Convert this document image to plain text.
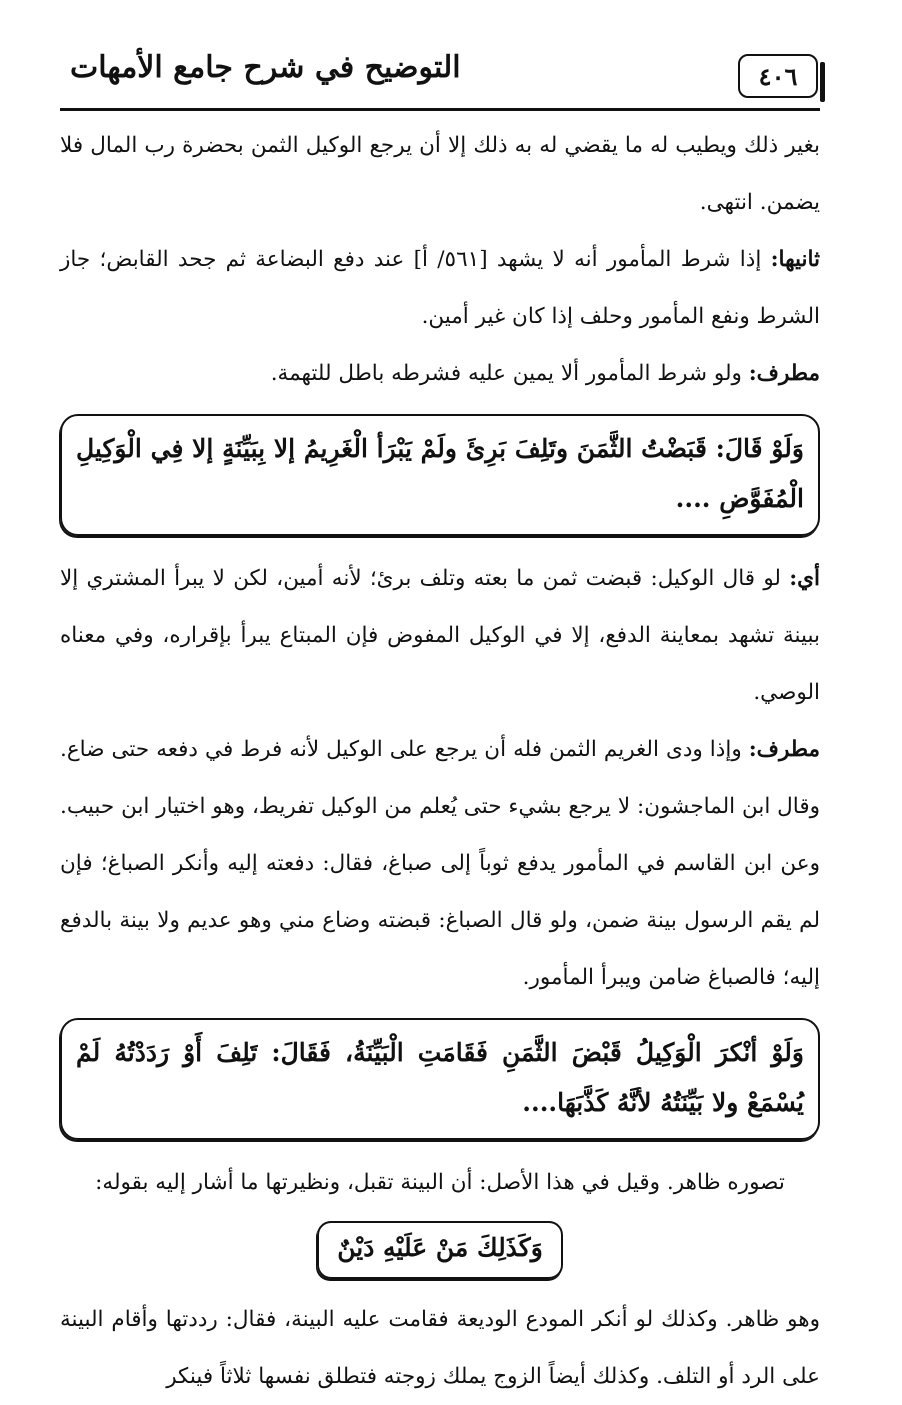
٤٠٦
التوضيح في شرح جامع الأمهات

بغير ذلك ويطيب له ما يقضي له به ذلك إلا أن يرجع الوكيل الثمن بحضرة رب المال فلا يضمن. انتهى.

ثانيها: إذا شرط المأمور أنه لا يشهد [٥٦١/ أ] عند دفع البضاعة ثم جحد القابض؛ جاز الشرط ونفع المأمور وحلف إذا كان غير أمين.

مطرف: ولو شرط المأمور ألا يمين عليه فشرطه باطل للتهمة.

وَلَوْ قَالَ: قَبَضْتُ الثَّمَنَ وتَلِفَ بَرِئَ ولَمْ يَبْرَأ الْغَرِيمُ إلا بِبَيِّنَةٍ إلا فِي الْوَكِيلِ الْمُفَوَّضِ ....

أي: لو قال الوكيل: قبضت ثمن ما بعته وتلف برئ؛ لأنه أمين، لكن لا يبرأ المشتري إلا ببينة تشهد بمعاينة الدفع، إلا في الوكيل المفوض فإن المبتاع يبرأ بإقراره، وفي معناه الوصي.

مطرف: وإذا ودى الغريم الثمن فله أن يرجع على الوكيل لأنه فرط في دفعه حتى ضاع. وقال ابن الماجشون: لا يرجع بشيء حتى يُعلم من الوكيل تفريط، وهو اختيار ابن حبيب. وعن ابن القاسم في المأمور يدفع ثوباً إلى صباغ، فقال: دفعته إليه وأنكر الصباغ؛ فإن لم يقم الرسول بينة ضمن، ولو قال الصباغ: قبضته وضاع مني وهو عديم ولا بينة بالدفع إليه؛ فالصباغ ضامن ويبرأ المأمور.

وَلَوْ أنْكرَ الْوَكِيلُ قَبْضَ الثَّمَنِ فَقَامَتِ الْبَيِّنَةُ، فَقَالَ: تَلِفَ أَوْ رَدَدْتُهُ لَمْ يُسْمَعْ ولا بَيِّنَتُهُ لأنَّهُ كَذَّبَهَا....

تصوره ظاهر. وقيل في هذا الأصل: أن البينة تقبل، ونظيرتها ما أشار إليه بقوله:

وَكَذَلِكَ مَنْ عَلَيْهِ دَيْنٌ

وهو ظاهر. وكذلك لو أنكر المودع الوديعة فقامت عليه البينة، فقال: رددتها وأقام البينة على الرد أو التلف. وكذلك أيضاً الزوج يملك زوجته فتطلق نفسها ثلاثاً فينكر
